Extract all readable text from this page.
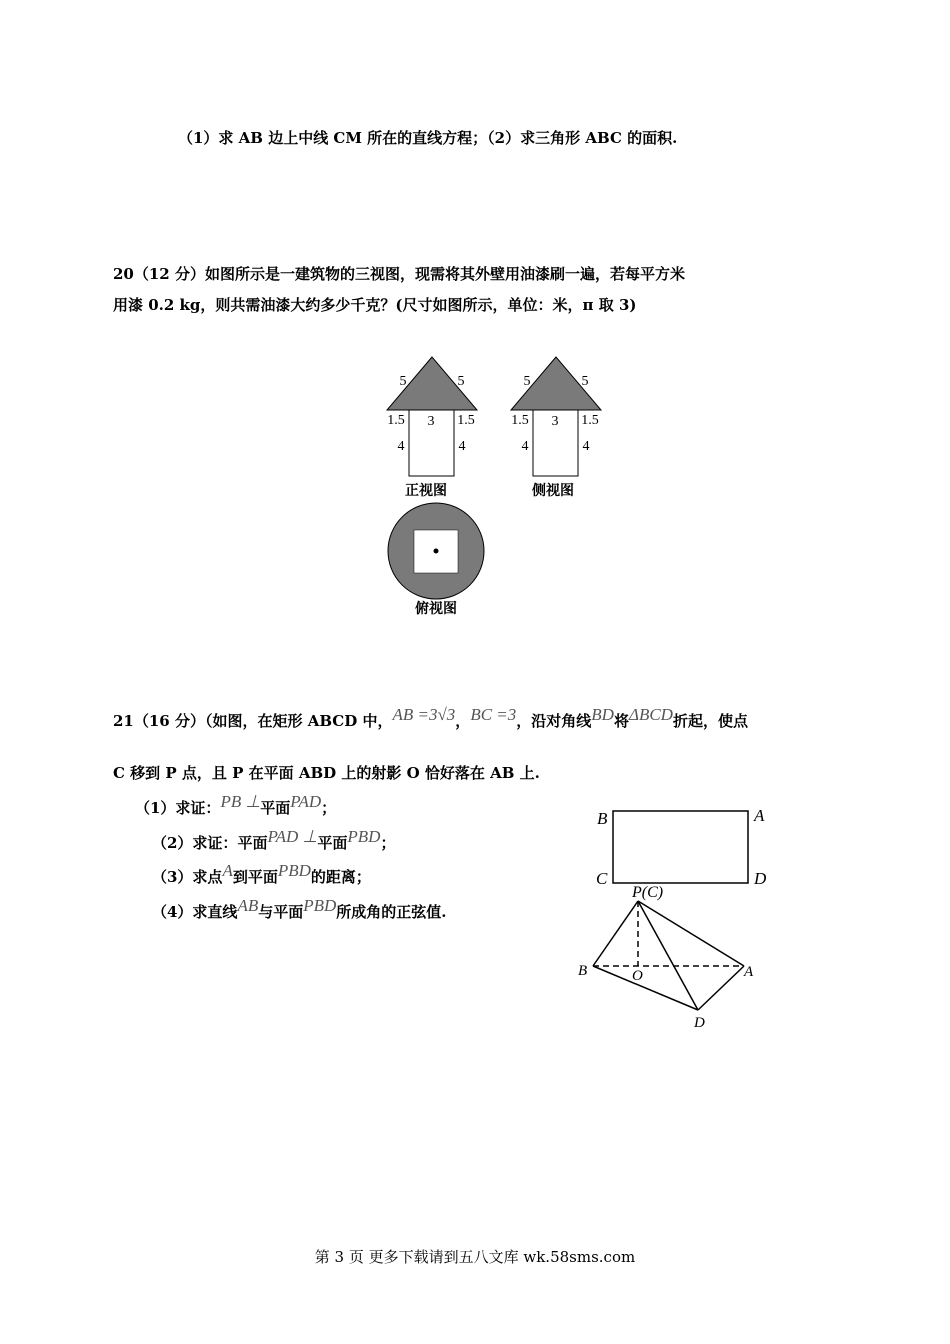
（1）求 AB 边上中线 CM 所在的直线方程；（2）求三角形 ABC 的面积.
20（12 分）如图所示是一建筑物的三视图，现需将其外壁用油漆刷一遍，若每平方米
用漆 0.2 kg，则共需油漆大约多少千克？(尺寸如图所示，单位：米，π 取 3)
5	5
1.5 3 1.5
4	4
正视图
5	5
1.5 3 1.5
4	4
侧视图
俯视图
21（16 分）（如图，在矩形 ABCD 中，AB =3√3，BC =3，沿对角线BD将ΔBCD折起，使点
C 移到 P 点，且 P 在平面 ABD 上的射影 O 恰好落在 AB 上.
（1）求证：PB ⊥平面PAD；
（2）求证：平面PAD ⊥平面PBD；
（3）求点A到平面PBD的距离；
（4）求直线AB与平面PBD所成角的正弦值.
B	A
C	D
P(C)
B	O	A
D
第 3 页 更多下载请到五八文库 wk.58sms.com
